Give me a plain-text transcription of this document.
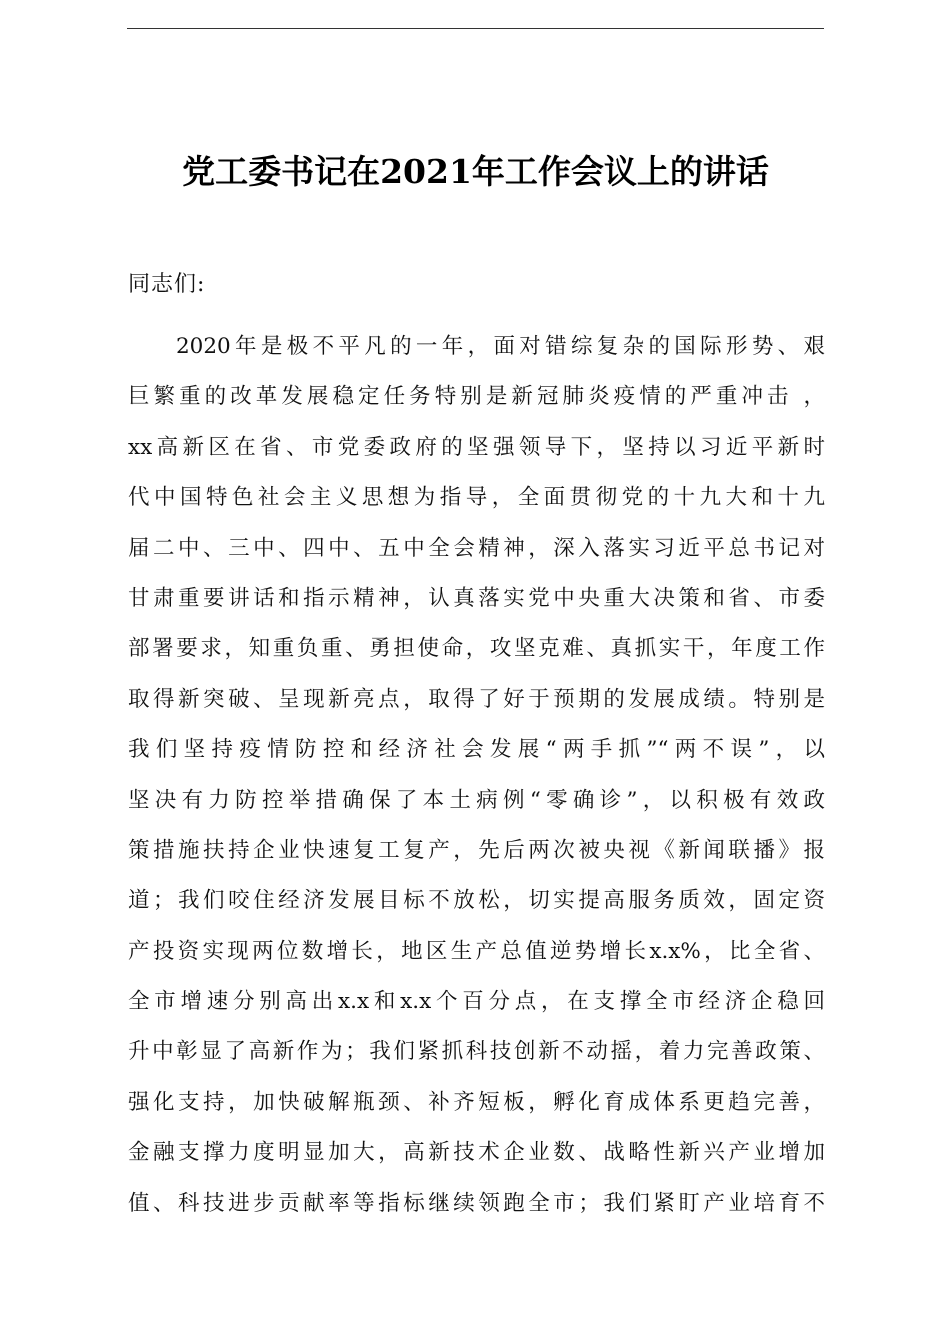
党工委书记在2021年工作会议上的讲话
同志们:
2020年是极不平凡的一年，面对错综复杂的国际形势、艰
巨繁重的改革发展稳定任务特别是新冠肺炎疫情的严重冲击 ，
xx高新区在省、市党委政府的坚强领导下，坚持以习近平新时
代中国特色社会主义思想为指导，全面贯彻党的十九大和十九
届二中、三中、四中、五中全会精神，深入落实习近平总书记对
甘肃重要讲话和指示精神，认真落实党中央重大决策和省、市委
部署要求，知重负重、勇担使命，攻坚克难、真抓实干，年度工作
取得新突破、呈现新亮点，取得了好于预期的发展成绩。特别是
我们坚持疫情防控和经济社会发展“两手抓”“两不误”，以
坚决有力防控举措确保了本土病例“零确诊”，以积极有效政
策措施扶持企业快速复工复产，先后两次被央视《新闻联播》报
道；我们咬住经济发展目标不放松，切实提高服务质效，固定资
产投资实现两位数增长，地区生产总值逆势增长x.x%，比全省、
全市增速分别高出x.x和x.x个百分点，在支撑全市经济企稳回
升中彰显了高新作为；我们紧抓科技创新不动摇，着力完善政策、
强化支持，加快破解瓶颈、补齐短板，孵化育成体系更趋完善，
金融支撑力度明显加大，高新技术企业数、战略性新兴产业增加
值、科技进步贡献率等指标继续领跑全市；我们紧盯产业培育不
